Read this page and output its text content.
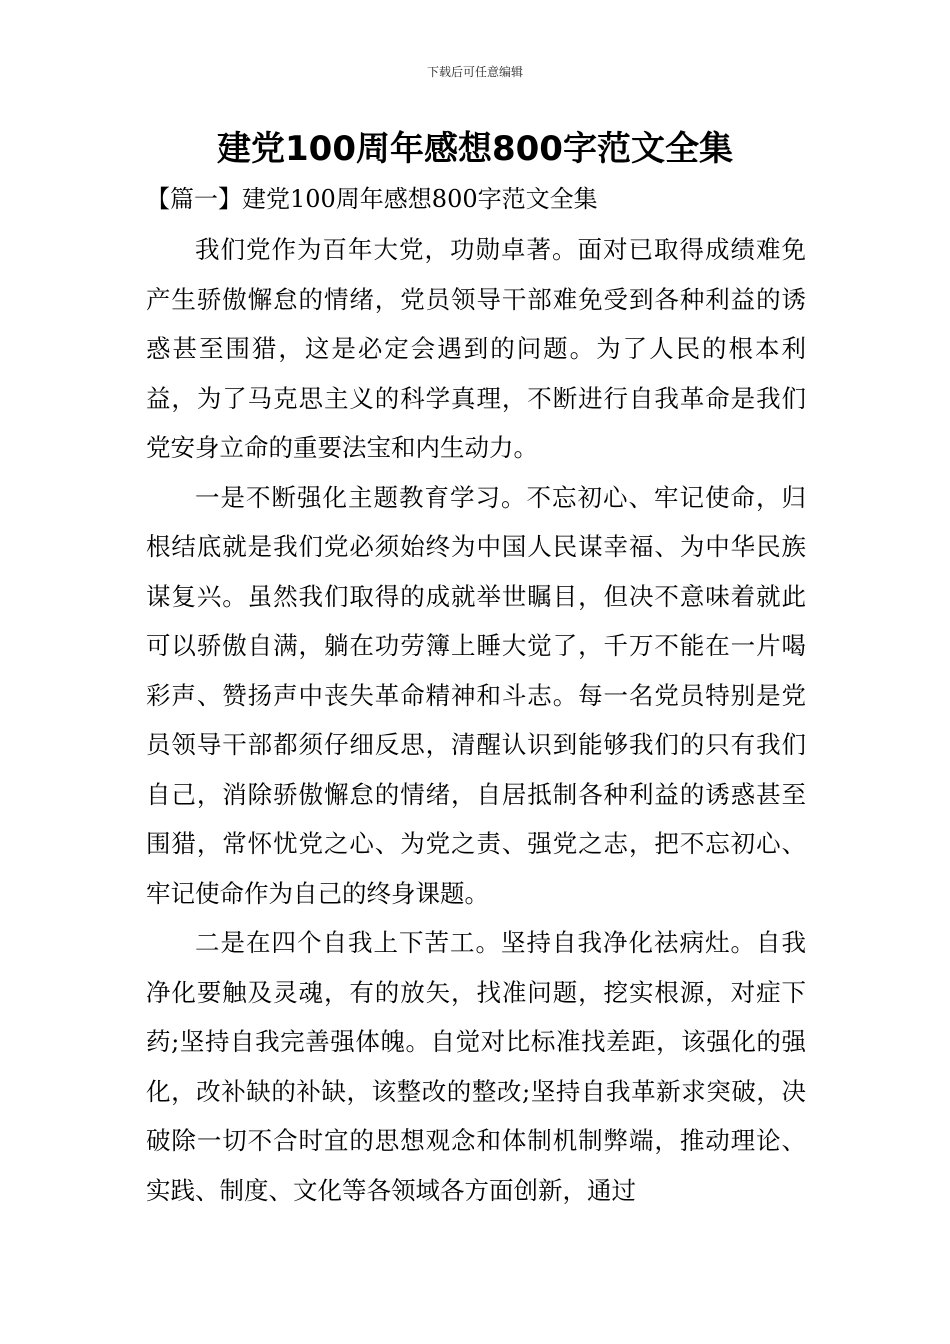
下载后可任意编辑
建党100周年感想800字范文全集
【篇一】建党100周年感想800字范文全集

我们党作为百年大党，功勋卓著。面对已取得成绩难免产生骄傲懈怠的情绪，党员领导干部难免受到各种利益的诱惑甚至围猎，这是必定会遇到的问题。为了人民的根本利益，为了马克思主义的科学真理，不断进行自我革命是我们党安身立命的重要法宝和内生动力。

一是不断强化主题教育学习。不忘初心、牢记使命，归根结底就是我们党必须始终为中国人民谋幸福、为中华民族谋复兴。虽然我们取得的成就举世瞩目，但决不意味着就此可以骄傲自满，躺在功劳簿上睡大觉了，千万不能在一片喝彩声、赞扬声中丧失革命精神和斗志。每一名党员特别是党员领导干部都须仔细反思，清醒认识到能够我们的只有我们自己，消除骄傲懈怠的情绪，自居抵制各种利益的诱惑甚至围猎，常怀忧党之心、为党之责、强党之志，把不忘初心、牢记使命作为自己的终身课题。

二是在四个自我上下苦工。坚持自我净化祛病灶。自我净化要触及灵魂，有的放矢，找准问题，挖实根源，对症下药;坚持自我完善强体魄。自觉对比标准找差距，该强化的强化，改补缺的补缺，该整改的整改;坚持自我革新求突破，决破除一切不合时宜的思想观念和体制机制弊端，推动理论、实践、制度、文化等各领域各方面创新，通过
